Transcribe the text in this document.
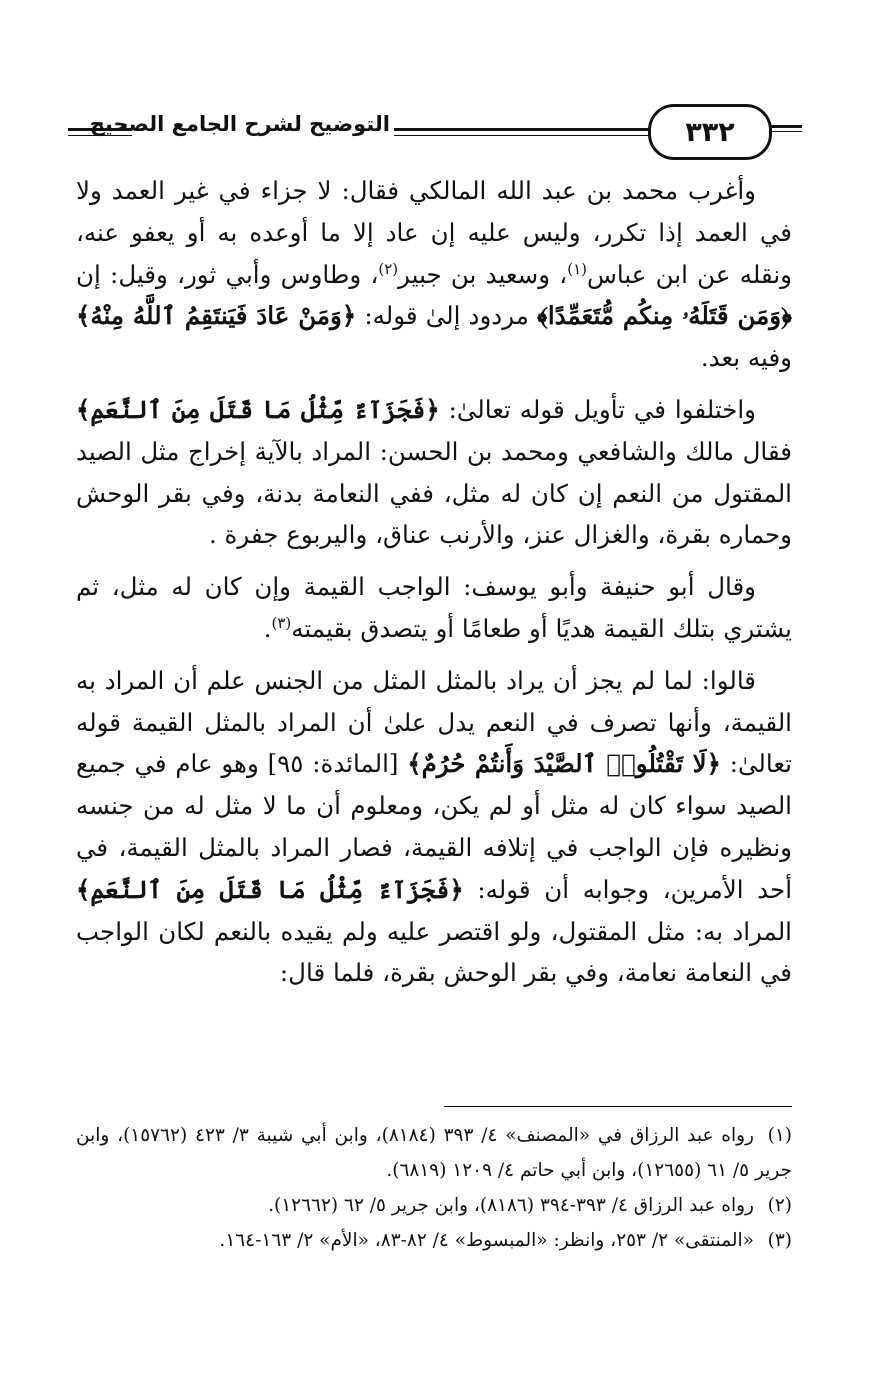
٣٣٢
التوضيح لشرح الجامع الصحيح

وأغرب محمد بن عبد الله المالكي فقال: لا جزاء في غير العمد ولا في العمد إذا تكرر، وليس عليه إن عاد إلا ما أوعده به أو يعفو عنه، ونقله عن ابن عباس$^{(١)}$، وسعيد بن جبير$^{(٢)}$، وطاوس وأبي ثور، وقيل: إن ﴿وَمَن قَتَلَهُۥ مِنكُم مُّتَعَمِّدًا﴾ مردود إلىٰ قوله: ﴿وَمَنْ عَادَ فَيَنتَقِمُ ٱللَّهُ مِنْهُ﴾ وفيه بعد.

واختلفوا في تأويل قوله تعالىٰ: ﴿فَجَزَآءٌ مِّثْلُ مَا قَتَلَ مِنَ ٱلنَّعَمِ﴾ فقال مالك والشافعي ومحمد بن الحسن: المراد بالآية إخراج مثل الصيد المقتول من النعم إن كان له مثل، ففي النعامة بدنة، وفي بقر الوحش وحماره بقرة، والغزال عنز، والأرنب عناق، واليربوع جفرة .

وقال أبو حنيفة وأبو يوسف: الواجب القيمة وإن كان له مثل، ثم يشتري بتلك القيمة هديًا أو طعامًا أو يتصدق بقيمته$^{(٣)}$.

قالوا: لما لم يجز أن يراد بالمثل المثل من الجنس علم أن المراد به القيمة، وأنها تصرف في النعم يدل علىٰ أن المراد بالمثل القيمة قوله تعالىٰ: ﴿لَا تَقْتُلُوا۟ ٱلصَّيْدَ وَأَنتُمْ حُرُمٌ﴾ [المائدة: ٩٥] وهو عام في جميع الصيد سواء كان له مثل أو لم يكن، ومعلوم أن ما لا مثل له من جنسه ونظيره فإن الواجب في إتلافه القيمة، فصار المراد بالمثل القيمة، في أحد الأمرين، وجوابه أن قوله: ﴿فَجَزَآءٌ مِّثْلُ مَا قَتَلَ مِنَ ٱلنَّعَمِ﴾ المراد به: مثل المقتول، ولو اقتصر عليه ولم يقيده بالنعم لكان الواجب في النعامة نعامة، وفي بقر الوحش بقرة، فلما قال:

(١)رواه عبد الرزاق في «المصنف» ٤/ ٣٩٣ (٨١٨٤)، وابن أبي شيبة ٣/ ٤٢٣ (١٥٧٦٢)، وابن جرير ٥/ ٦١ (١٢٦٥٥)، وابن أبي حاتم ٤/ ١٢٠٩ (٦٨١٩).

(٢)رواه عبد الرزاق ٤/ ٣٩٣-٣٩٤ (٨١٨٦)، وابن جرير ٥/ ٦٢ (١٢٦٦٢).

(٣)«المنتقى» ٢/ ٢٥٣، وانظر: «المبسوط» ٤/ ٨٢-٨٣، «الأم» ٢/ ١٦٣-١٦٤.
